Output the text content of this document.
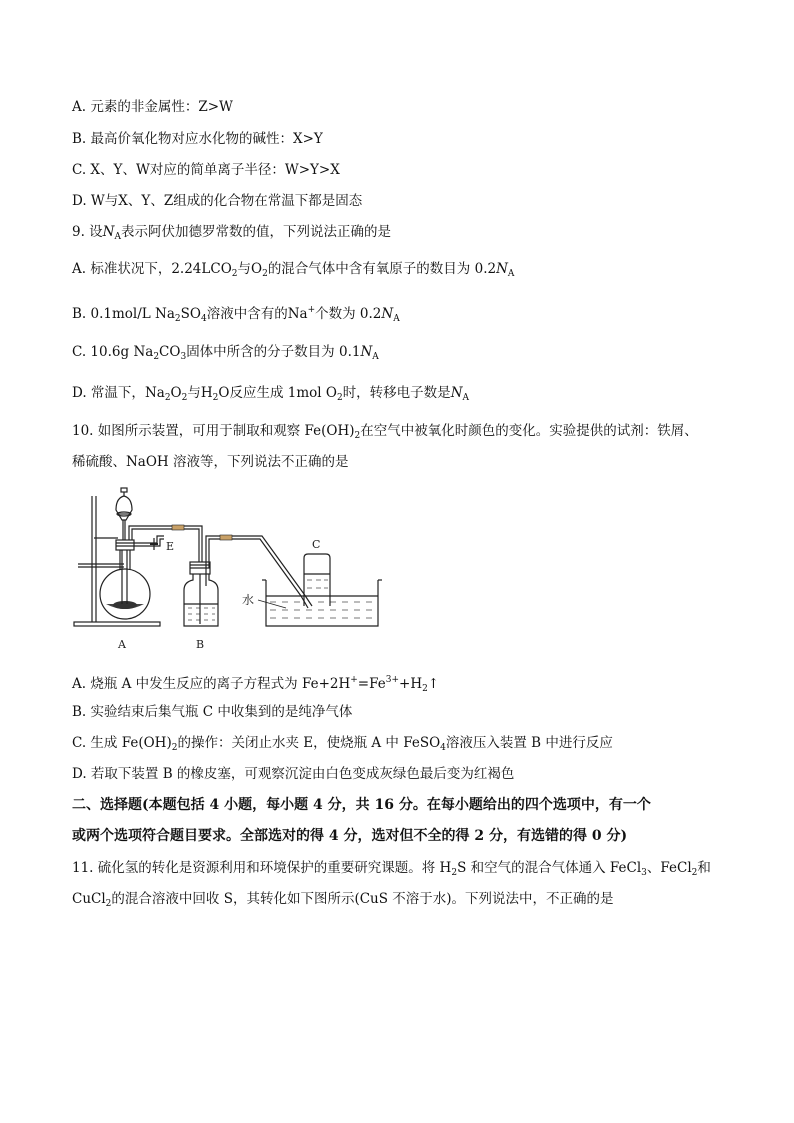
A. 元素的非金属性：Z>W
B. 最高价氧化物对应水化物的碱性：X>Y
C. X、Y、W对应的简单离子半径：W>Y>X
D. W与X、Y、Z组成的化合物在常温下都是固态
9. 设$N_A$表示阿伏加德罗常数的值，下列说法正确的是
A. 标准状况下，$2.24LCO_2$与$O_2$的混合气体中含有氧原子的数目为 $0.2N_A$
B. 0.1mol/L $Na_2SO_4$溶液中含有的Na+个数为 $0.2N_A$
C. 10.6g $Na_2CO_3$固体中所含的分子数目为 $0.1N_A$
D. 常温下，$Na_2O_2$与$H_2O$反应生成 1mol $O_2$时，转移电子数是$N_A$
10. 如图所示装置，可用于制取和观察 $Fe(OH)_2$在空气中被氧化时颜色的变化。实验提供的试剂：铁屑、
稀硫酸、NaOH 溶液等，下列说法不正确的是
E
水
C
A	B
A. 烧瓶 A 中发生反应的离子方程式为 $Fe+2H^+=Fe^{3+}+H_2↑$
B. 实验结束后集气瓶 C 中收集到的是纯净气体
C. 生成 $Fe(OH)_2$的操作：关闭止水夹 E，使烧瓶 A 中 FeSO$_4$溶液压入装置 B 中进行反应
D. 若取下装置 B 的橡皮塞，可观察沉淀由白色变成灰绿色最后变为红褐色
二、选择题(本题包括 4 小题，每小题 4 分，共 16 分。在每小题给出的四个选项中，有一个
或两个选项符合题目要求。全部选对的得 4 分，选对但不全的得 2 分，有选错的得 0 分)
11. 硫化氢的转化是资源利用和环境保护的重要研究课题。将 $H_2S$ 和空气的混合气体通入 FeCl$_3$、FeCl$_2$和
CuCl$_2$的混合溶液中回收 S，其转化如下图所示(CuS 不溶于水)。下列说法中，不正确的是
